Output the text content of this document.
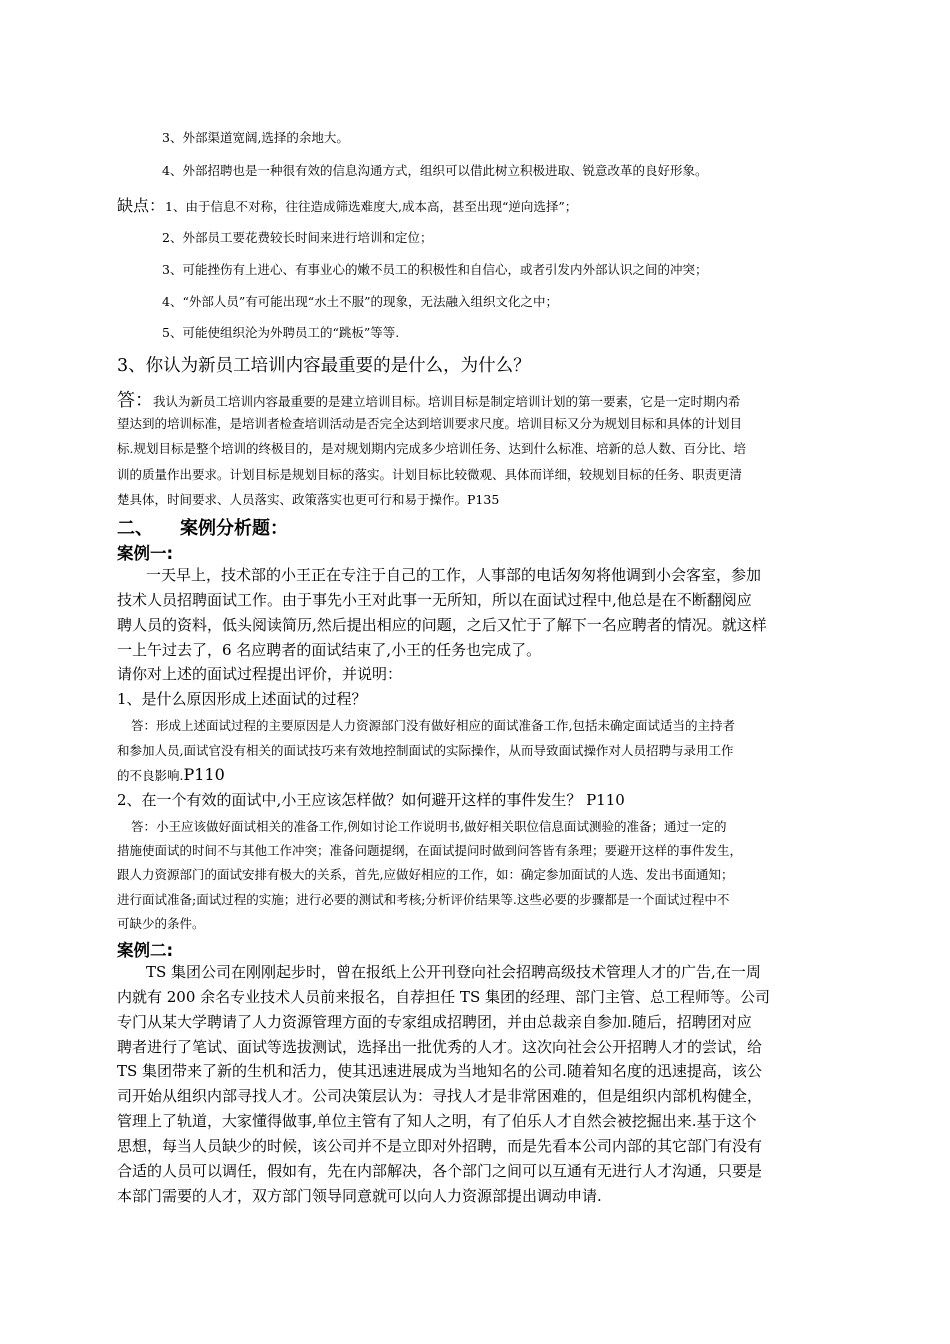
3、外部渠道宽阔,选择的余地大。

4、外部招聘也是一种很有效的信息沟通方式，组织可以借此树立积极进取、锐意改革的良好形象。

缺点：1、由于信息不对称，往往造成筛选难度大,成本高，甚至出现“逆向选择”；

2、外部员工要花费较长时间来进行培训和定位；

3、可能挫伤有上进心、有事业心的嫩不员工的积极性和自信心，或者引发内外部认识之间的冲突；

4、“外部人员”有可能出现“水土不服”的现象，无法融入组织文化之中；

5、可能使组织沦为外聘员工的“跳板”等等.

3、你认为新员工培训内容最重要的是什么，为什么？

答：我认为新员工培训内容最重要的是建立培训目标。培训目标是制定培训计划的第一要素，它是一定时期内希

望达到的培训标准，是培训者检查培训活动是否完全达到培训要求尺度。培训目标又分为规划目标和具体的计划目

标.规划目标是整个培训的终极目的，是对规划期内完成多少培训任务、达到什么标准、培新的总人数、百分比、培

训的质量作出要求。计划目标是规划目标的落实。计划目标比较微观、具体而详细，较规划目标的任务、职责更清

楚具体，时间要求、人员落实、政策落实也更可行和易于操作。P135

二、 案例分析题：

案例一:

一天早上，技术部的小王正在专注于自己的工作，人事部的电话匆匆将他调到小会客室，参加

技术人员招聘面试工作。由于事先小王对此事一无所知，所以在面试过程中,他总是在不断翻阅应

聘人员的资料，低头阅读简历,然后提出相应的问题，之后又忙于了解下一名应聘者的情况。就这样

一上午过去了，6 名应聘者的面试结束了,小王的任务也完成了。

请你对上述的面试过程提出评价，并说明：

1、是什么原因形成上述面试的过程？

答：形成上述面试过程的主要原因是人力资源部门没有做好相应的面试准备工作,包括未确定面试适当的主持者

和参加人员,面试官没有相关的面试技巧来有效地控制面试的实际操作，从而导致面试操作对人员招聘与录用工作

的不良影响.P110

2、在一个有效的面试中,小王应该怎样做？如何避开这样的事件发生？ P110

答：小王应该做好面试相关的准备工作,例如讨论工作说明书,做好相关职位信息面试测验的准备；通过一定的

措施使面试的时间不与其他工作冲突；准备问题提纲，在面试提问时做到问答皆有条理；要避开这样的事件发生，

跟人力资源部门的面试安排有极大的关系，首先,应做好相应的工作，如：确定参加面试的人选、发出书面通知；

进行面试准备;面试过程的实施；进行必要的测试和考核;分析评价结果等.这些必要的步骤都是一个面试过程中不

可缺少的条件。

案例二:

TS 集团公司在刚刚起步时，曾在报纸上公开刊登向社会招聘高级技术管理人才的广告,在一周

内就有 200 余名专业技术人员前来报名，自荐担任 TS 集团的经理、部门主管、总工程师等。公司

专门从某大学聘请了人力资源管理方面的专家组成招聘团，并由总裁亲自参加.随后，招聘团对应

聘者进行了笔试、面试等选拔测试，选择出一批优秀的人才。这次向社会公开招聘人才的尝试，给

TS 集团带来了新的生机和活力，使其迅速进展成为当地知名的公司.随着知名度的迅速提高，该公

司开始从组织内部寻找人才。公司决策层认为：寻找人才是非常困难的，但是组织内部机构健全，

管理上了轨道，大家懂得做事,单位主管有了知人之明，有了伯乐人才自然会被挖掘出来.基于这个

思想，每当人员缺少的时候，该公司并不是立即对外招聘，而是先看本公司内部的其它部门有没有

合适的人员可以调任，假如有，先在内部解决，各个部门之间可以互通有无进行人才沟通，只要是

本部门需要的人才，双方部门领导同意就可以向人力资源部提出调动申请.
